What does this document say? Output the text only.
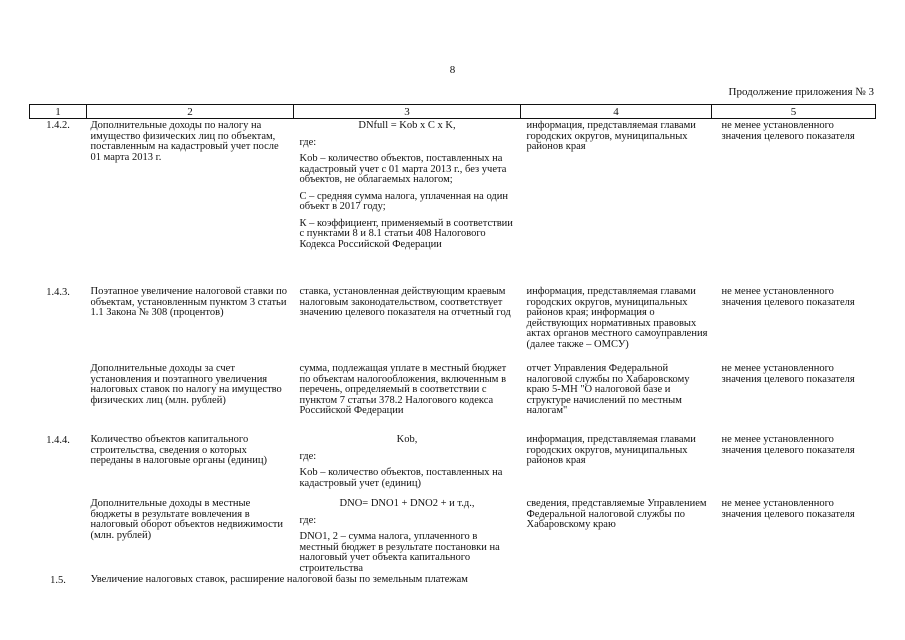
8
Продолжение приложения № 3
1	2	3	4	5
1.4.2.	Дополнительные доходы по налогу на имущество физических лиц по объектам, поставленным на кадастровый учет после 01 марта 2013 г.	DNfull = Kob x C x K,
где:
Kob – количество объектов, поставленных на кадастровый учет с 01 марта 2013 г., без учета объектов, не облагаемых налогом;
С – средняя сумма налога, уплаченная на один объект в 2017 году;
К – коэффициент, применяемый в соответствии с пунктами 8 и 8.1 статьи 408 Налогового Кодекса Российской Федерации	информация, представляемая главами городских округов, муниципальных районов края	не менее установленного значения целевого показателя
1.4.3.	Поэтапное увеличение налоговой ставки по объектам, установленным пунктом 3 статьи 1.1 Закона № 308 (процентов)	ставка, установленная действующим краевым налоговым законодательством, соответствует значению целевого показателя на отчетный год	информация, представляемая главами городских округов, муниципальных районов края; информация о действующих нормативных правовых актах органов местного самоуправления (далее также – ОМСУ)	не менее установленного значения целевого показателя
	Дополнительные доходы за счет установления и поэтапного увеличения налоговых ставок по налогу на имущество физических лиц (млн. рублей)	сумма, подлежащая уплате в местный бюджет по объектам налогообложения, включенным в перечень, определяемый в соответствии с пунктом 7 статьи 378.2 Налогового кодекса Российской Федерации	отчет Управления Федеральной налоговой службы по Хабаровскому краю 5-МН "О налоговой базе и структуре начислений по местным налогам"	не менее установленного значения целевого показателя
1.4.4.	Количество объектов капитального строительства, сведения о которых переданы в налоговые органы (единиц)	Kob,
где:
Kob – количество объектов, поставленных на кадастровый учет (единиц)	информация, представляемая главами городских округов, муниципальных районов края	не менее установленного значения целевого показателя
	Дополнительные доходы в местные бюджеты в результате вовлечения в налоговый оборот объектов недвижимости (млн. рублей)	DNO= DNO1 + DNO2 + и т.д.,
где:
DNO1, 2 – сумма налога, уплаченного в местный бюджет в результате постановки на налоговый учет объекта капитального строительства	сведения, представляемые Управлением Федеральной налоговой службы по Хабаровскому краю	не менее установленного значения целевого показателя
1.5.	Увеличение налоговых ставок, расширение налоговой базы по земельным платежам			
